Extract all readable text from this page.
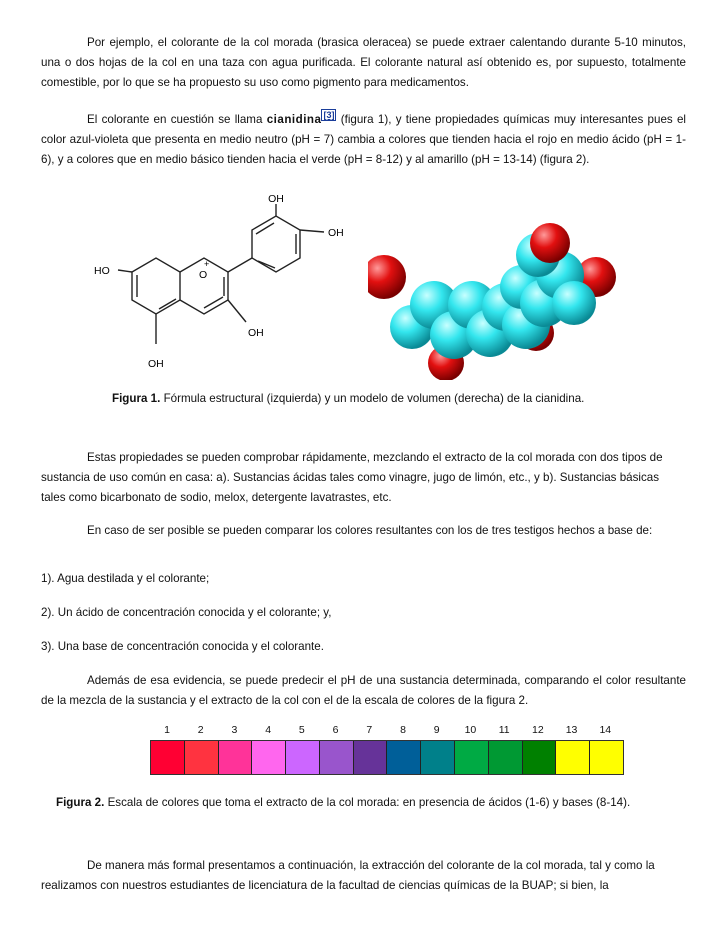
Por ejemplo, el colorante de la col morada (brasica oleracea) se puede extraer calentando durante 5-10 minutos, una o dos hojas de la col en una taza con agua purificada. El colorante natural así obtenido es, por supuesto, totalmente comestible, por lo que se ha propuesto su uso como pigmento para medicamentos.

El colorante en cuestión se llama cianidina [3] (figura 1), y tiene propiedades químicas muy interesantes pues el color azul-violeta que presenta en medio neutro (pH = 7) cambia a colores que tienden hacia el rojo en medio ácido (pH = 1-6), y a colores que en medio básico tienden hacia el verde (pH = 8-12) y al amarillo (pH = 13-14) (figura 2).

OH
OH
HO	O
+
OH
OH
Figura 1. Fórmula estructural (izquierda) y un modelo de volumen (derecha) de la cianidina.

Estas propiedades se pueden comprobar rápidamente, mezclando el extracto de la col morada con dos tipos de sustancia de uso común en casa: a). Sustancias ácidas tales como vinagre, jugo de limón, etc., y b). Sustancias básicas tales como bicarbonato de sodio, melox, detergente lavatrastes, etc.

En caso de ser posible se pueden comparar los colores resultantes con los de tres testigos hechos a base de:

1). Agua destilada y el colorante;

2). Un ácido de concentración conocida y el colorante; y,

3). Una base de concentración conocida y el colorante.

Además de esa evidencia, se puede predecir el pH de una sustancia determinada, comparando el color resultante de la mezcla de la sustancia y el extracto de la col con el de la escala de colores de la figura 2.

1	2	3	4	5	6	7	8	9	10	11	12	13	14
Figura 2. Escala de colores que toma el extracto de la col morada: en presencia de ácidos (1-6) y bases (8-14).

De manera más formal presentamos a continuación, la extracción del colorante de la col morada, tal y como la realizamos con nuestros estudiantes de licenciatura de la facultad de ciencias químicas de la BUAP; si bien, la
